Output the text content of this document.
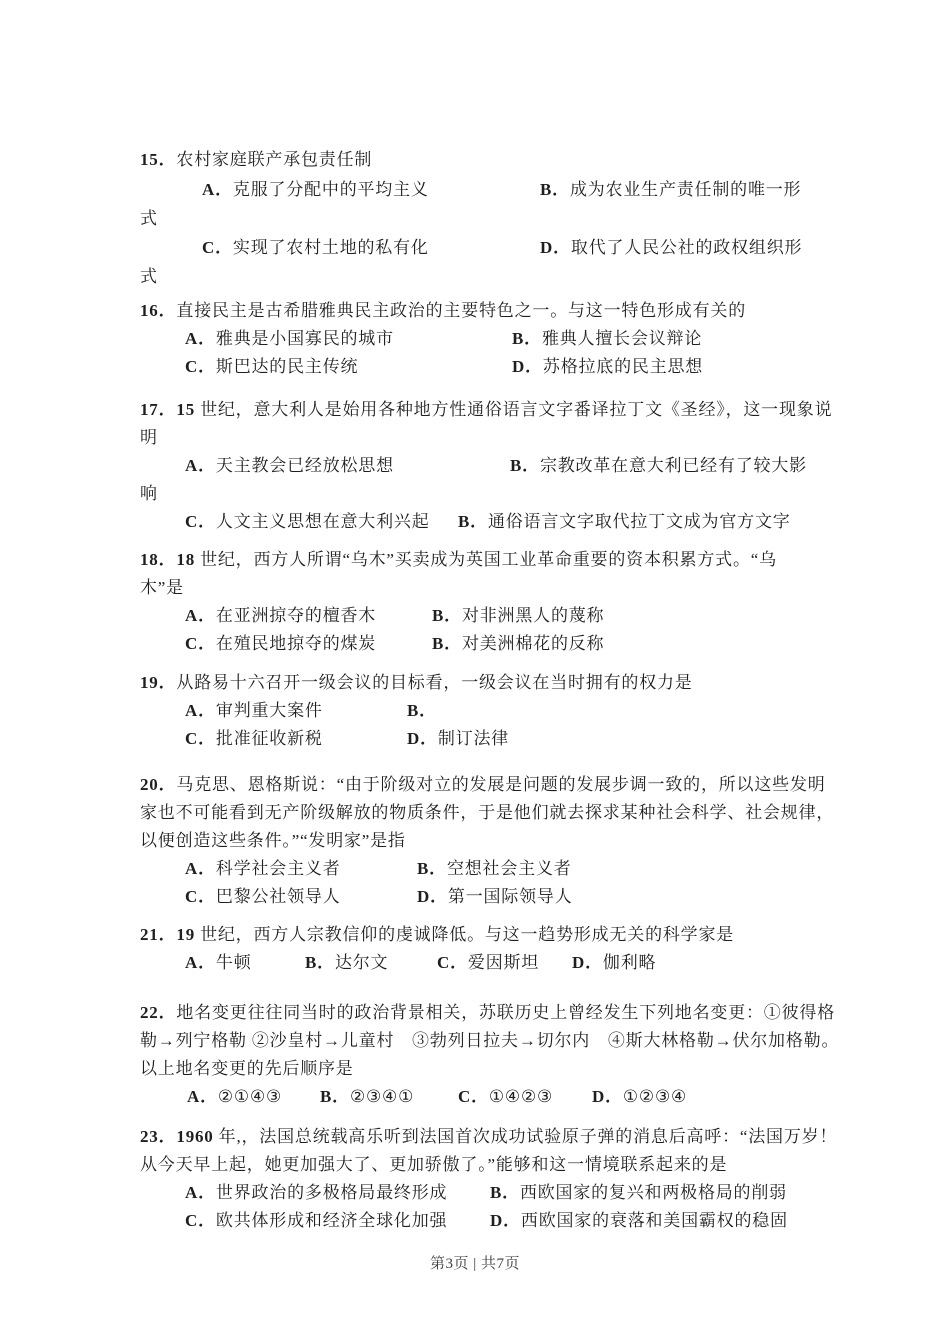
15．农村家庭联产承包责任制
A．克服了分配中的平均主义	B．成为农业生产责任制的唯一形
式
C．实现了农村土地的私有化	D．取代了人民公社的政权组织形
式
16．直接民主是古希腊雅典民主政治的主要特色之一。与这一特色形成有关的
A．雅典是小国寡民的城市	B．雅典人擅长会议辩论
C．斯巴达的民主传统	D．苏格拉底的民主思想
17．15 世纪，意大利人是始用各种地方性通俗语言文字番译拉丁文《圣经》，这一现象说
明
A．天主教会已经放松思想	B．宗教改革在意大利已经有了较大影
响
C．人文主义思想在意大利兴起 B．通俗语言文字取代拉丁文成为官方文字
18．18 世纪，西方人所谓“乌木”买卖成为英国工业革命重要的资本积累方式。“乌
木”是
A．在亚洲掠夺的檀香木	B．对非洲黑人的蔑称
C．在殖民地掠夺的煤炭	B．对美洲棉花的反称
19．从路易十六召开一级会议的目标看，一级会议在当时拥有的权力是
A．审判重大案件	B．
C．批准征收新税	D．制订法律
20．马克思、恩格斯说：“由于阶级对立的发展是问题的发展步调一致的，所以这些发明
家也不可能看到无产阶级解放的物质条件，于是他们就去探求某种社会科学、社会规律，
以便创造这些条件。”“发明家”是指
A．科学社会主义者	B．空想社会主义者
C．巴黎公社领导人	D．第一国际领导人
21．19 世纪，西方人宗教信仰的虔诚降低。与这一趋势形成无关的科学家是
A．牛顿	B．达尔文	C．爱因斯坦 D．伽利略
22．地名变更往往同当时的政治背景相关，苏联历史上曾经发生下列地名变更：①彼得格
勒→列宁格勒 ②沙皇村→儿童村　③勃列日拉夫→切尔内　④斯大林格勒→伏尔加格勒。
以上地名变更的先后顺序是
A．②①④③ B．②③④①	C．①④②③ D．①②③④
23．1960 年,，法国总统载高乐听到法国首次成功试验原子弹的消息后高呼：“法国万岁！
从今天早上起，她更加强大了、更加骄傲了。”能够和这一情境联系起来的是
A．世界政治的多极格局最终形成	B．西欧国家的复兴和两极格局的削弱
C．欧共体形成和经济全球化加强	D．西欧国家的衰落和美国霸权的稳固
第3页 | 共7页
